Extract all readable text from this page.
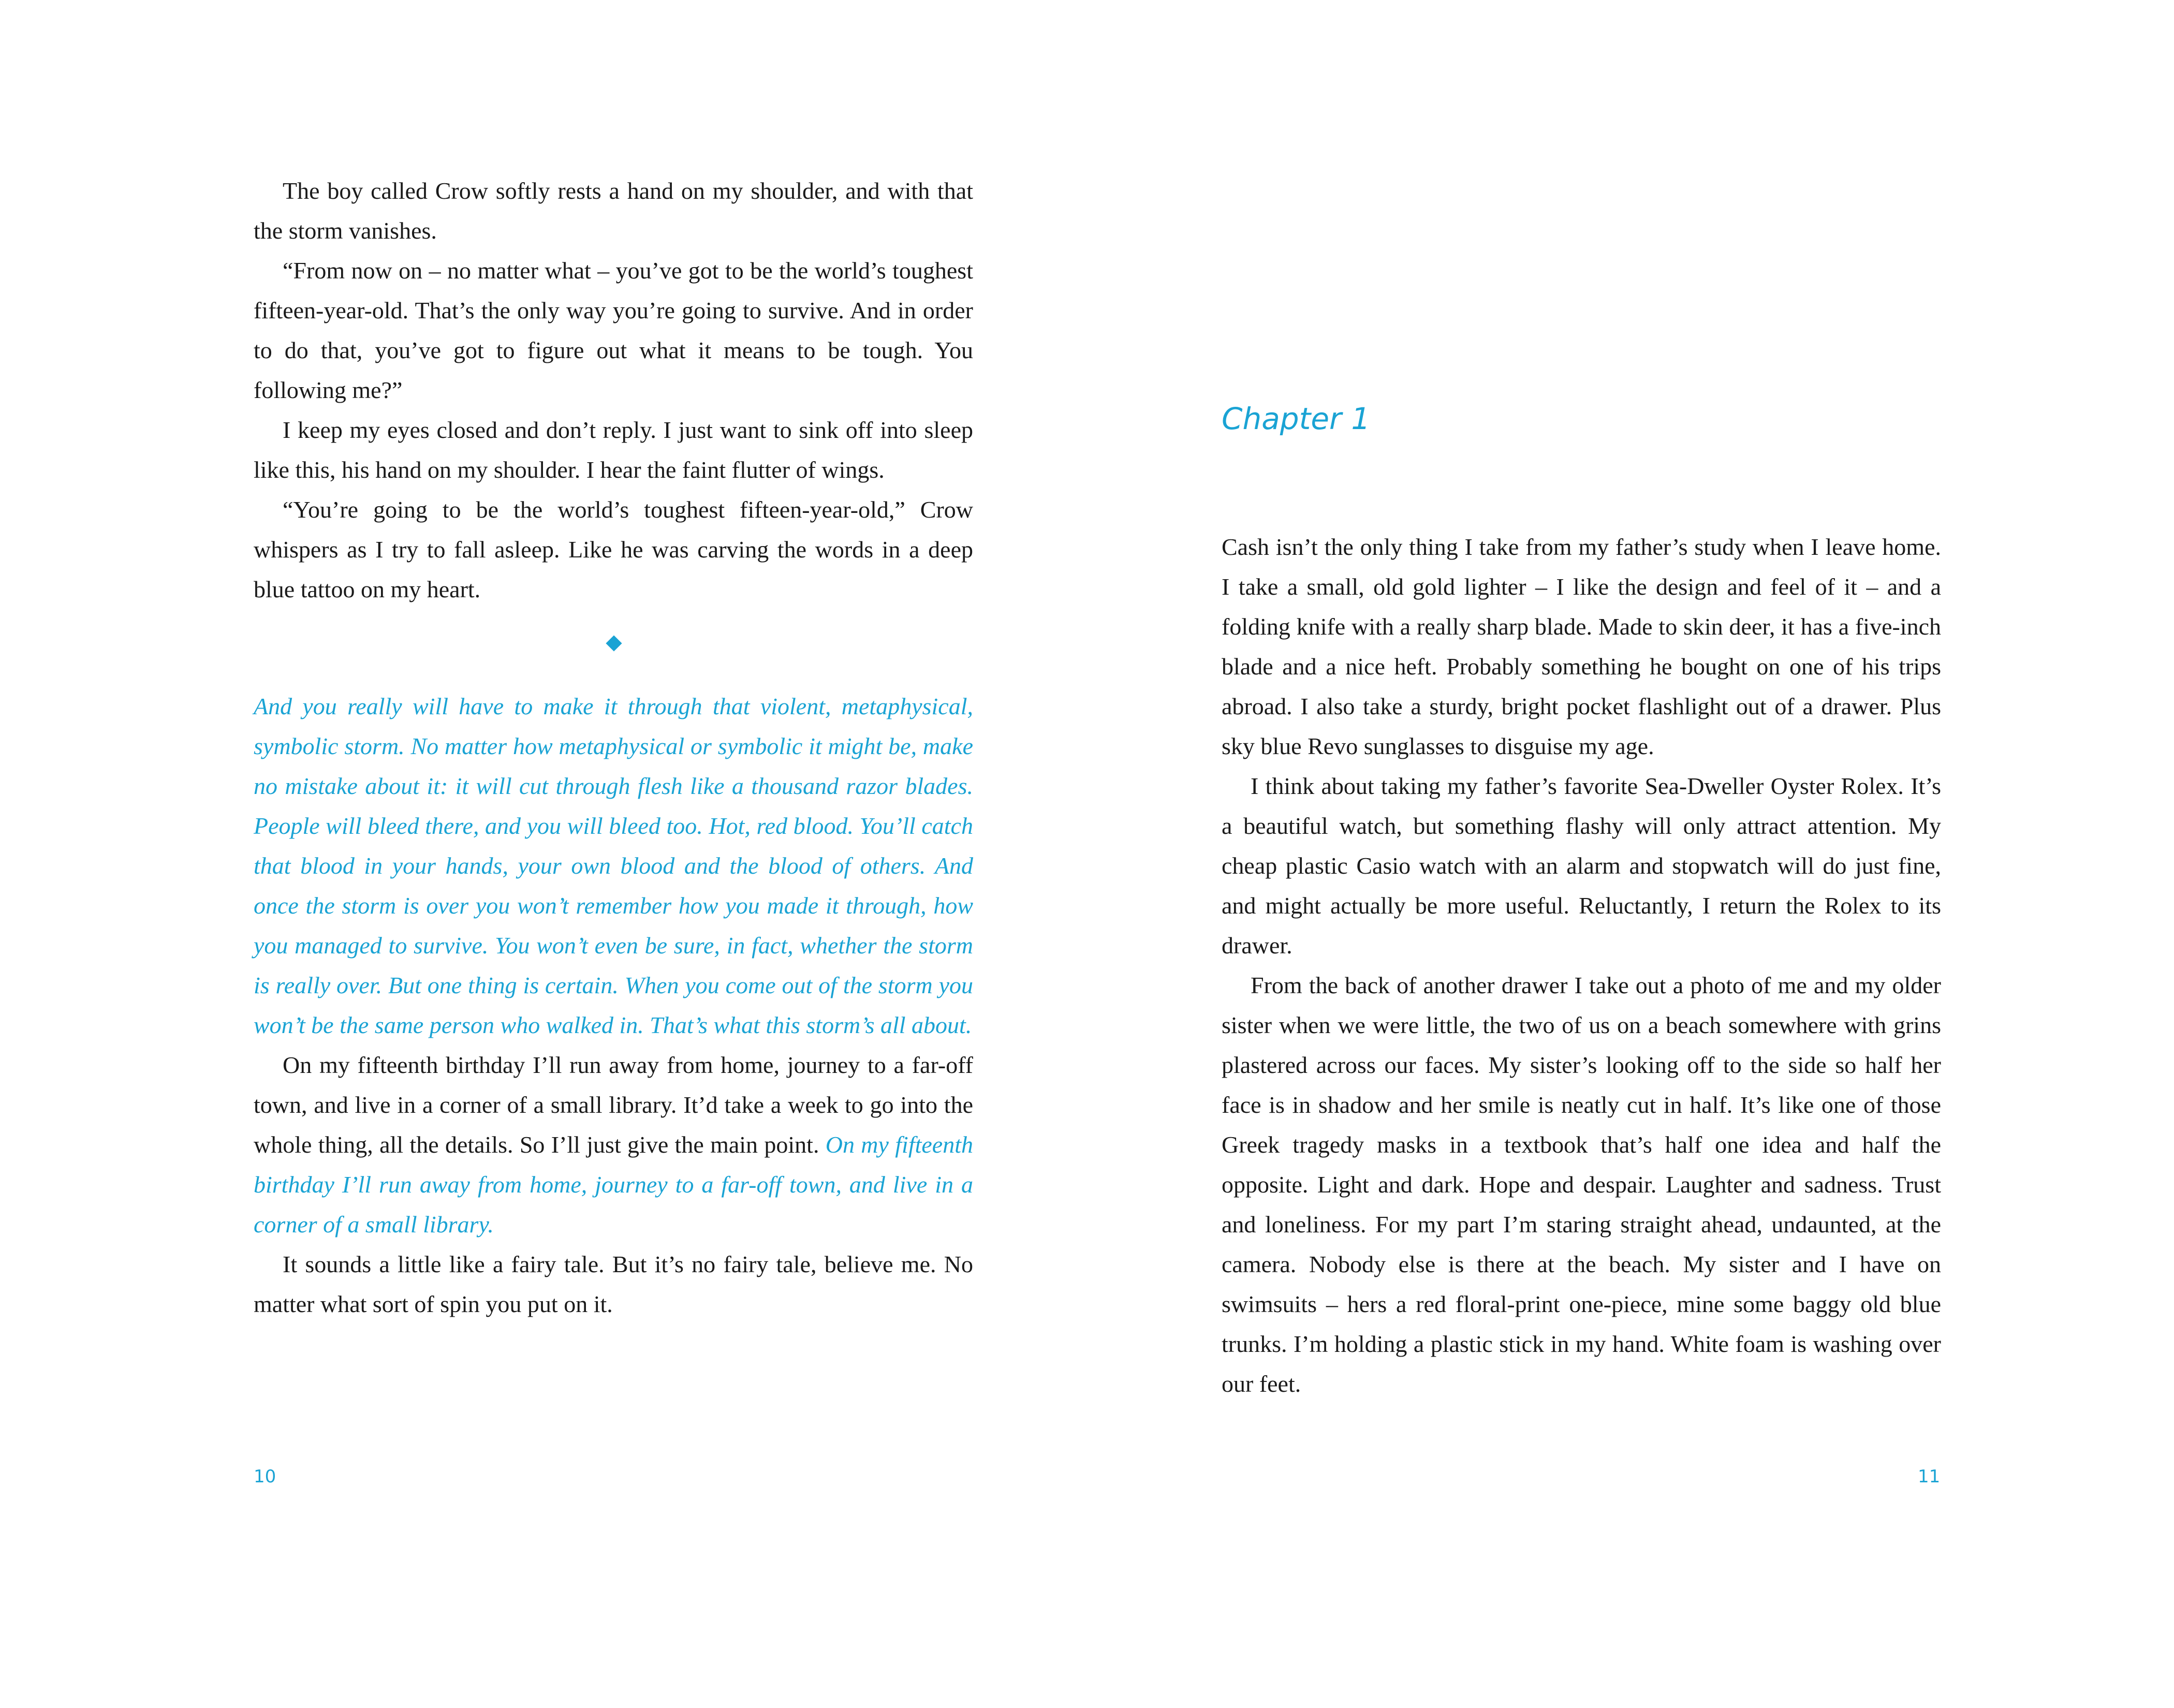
The boy called Crow softly rests a hand on my shoulder, and with that the storm vanishes.

“From now on – no matter what – you’ve got to be the world’s toughest fifteen-year-old. That’s the only way you’re going to survive. And in order to do that, you’ve got to figure out what it means to be tough. You following me?”

I keep my eyes closed and don’t reply. I just want to sink off into sleep like this, his hand on my shoulder. I hear the faint flutter of wings.

“You’re going to be the world’s toughest fifteen-year-old,” Crow whispers as I try to fall asleep. Like he was carving the words in a deep blue tattoo on my heart.

And you really will have to make it through that violent, metaphysical, symbolic storm. No matter how metaphysical or symbolic it might be, make no mistake about it: it will cut through flesh like a thousand razor blades. People will bleed there, and you will bleed too. Hot, red blood. You’ll catch that blood in your hands, your own blood and the blood of others. And once the storm is over you won’t remember how you made it through, how you managed to survive. You won’t even be sure, in fact, whether the storm is really over. But one thing is certain. When you come out of the storm you won’t be the same person who walked in. That’s what this storm’s all about.

On my fifteenth birthday I’ll run away from home, journey to a far-off town, and live in a corner of a small library. It’d take a week to go into the whole thing, all the details. So I’ll just give the main point. On my fifteenth birthday I’ll run away from home, journey to a far-off town, and live in a corner of a small library.

It sounds a little like a fairy tale. But it’s no fairy tale, believe me. No matter what sort of spin you put on it.

10
Chapter 1

Cash isn’t the only thing I take from my father’s study when I leave home. I take a small, old gold lighter – I like the design and feel of it – and a folding knife with a really sharp blade. Made to skin deer, it has a five-inch blade and a nice heft. Probably something he bought on one of his trips abroad. I also take a sturdy, bright pocket flashlight out of a drawer. Plus sky blue Revo sunglasses to disguise my age.

I think about taking my father’s favorite Sea-Dweller Oyster Rolex. It’s a beautiful watch, but something flashy will only attract attention. My cheap plastic Casio watch with an alarm and stopwatch will do just fine, and might actually be more useful. Reluctantly, I return the Rolex to its drawer.

From the back of another drawer I take out a photo of me and my older sister when we were little, the two of us on a beach somewhere with grins plastered across our faces. My sister’s looking off to the side so half her face is in shadow and her smile is neatly cut in half. It’s like one of those Greek tragedy masks in a textbook that’s half one idea and half the opposite. Light and dark. Hope and despair. Laughter and sadness. Trust and loneliness. For my part I’m staring straight ahead, undaunted, at the camera. Nobody else is there at the beach. My sister and I have on swimsuits – hers a red floral-print one-piece, mine some baggy old blue trunks. I’m holding a plastic stick in my hand. White foam is washing over our feet.

11
